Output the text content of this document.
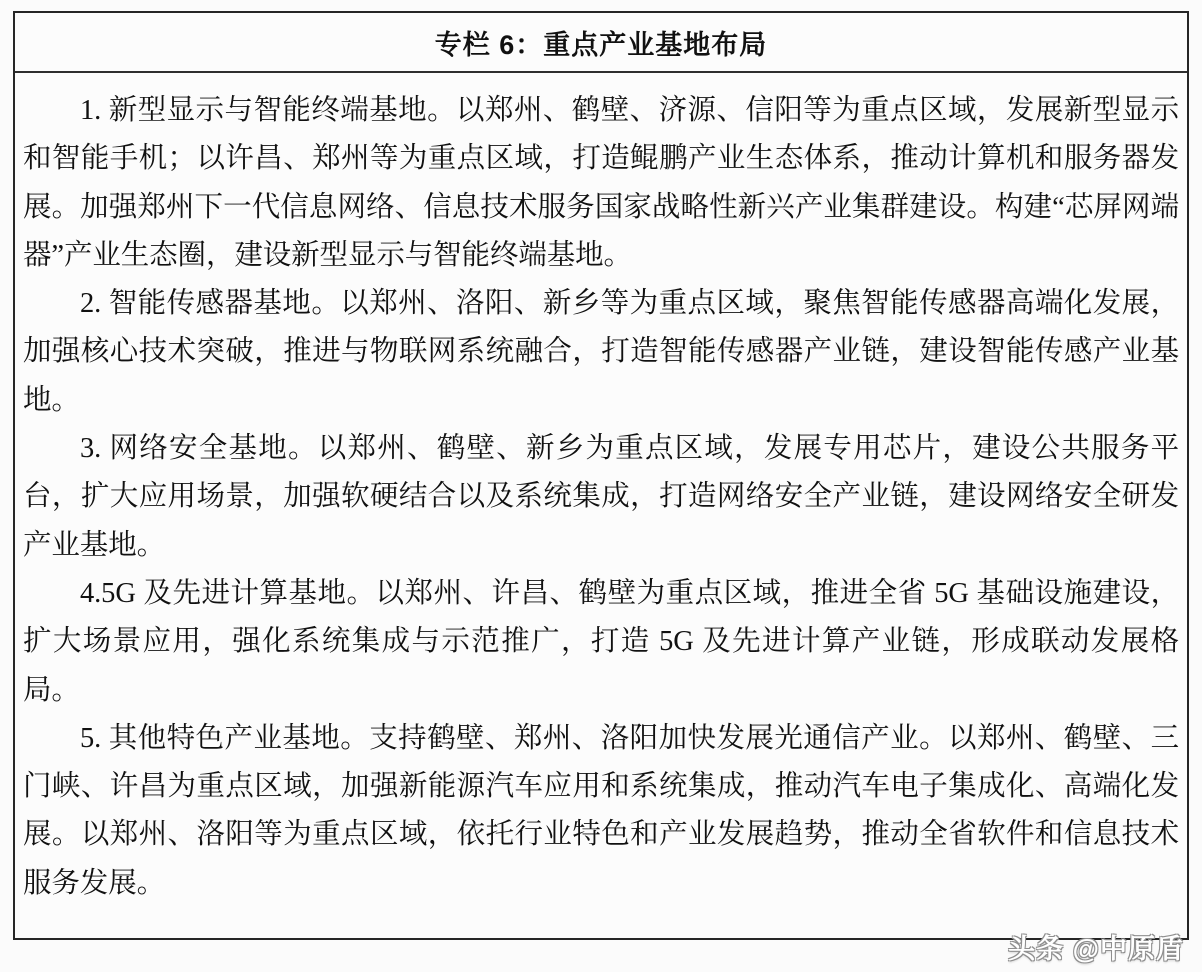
专栏 6：重点产业基地布局

1. 新型显示与智能终端基地。以郑州、鹤壁、济源、信阳等为重点区域，发展新型显示和智能手机；以许昌、郑州等为重点区域，打造鲲鹏产业生态体系，推动计算机和服务器发展。加强郑州下一代信息网络、信息技术服务国家战略性新兴产业集群建设。构建“芯屏网端器”产业生态圈，建设新型显示与智能终端基地。

2. 智能传感器基地。以郑州、洛阳、新乡等为重点区域，聚焦智能传感器高端化发展，加强核心技术突破，推进与物联网系统融合，打造智能传感器产业链，建设智能传感产业基地。

3. 网络安全基地。以郑州、鹤壁、新乡为重点区域，发展专用芯片，建设公共服务平台，扩大应用场景，加强软硬结合以及系统集成，打造网络安全产业链，建设网络安全研发产业基地。

4.5G 及先进计算基地。以郑州、许昌、鹤壁为重点区域，推进全省 5G 基础设施建设，扩大场景应用，强化系统集成与示范推广，打造 5G 及先进计算产业链，形成联动发展格局。

5. 其他特色产业基地。支持鹤壁、郑州、洛阳加快发展光通信产业。以郑州、鹤壁、三门峡、许昌为重点区域，加强新能源汽车应用和系统集成，推动汽车电子集成化、高端化发展。以郑州、洛阳等为重点区域，依托行业特色和产业发展趋势，推动全省软件和信息技术服务发展。

头条 @中原盾
